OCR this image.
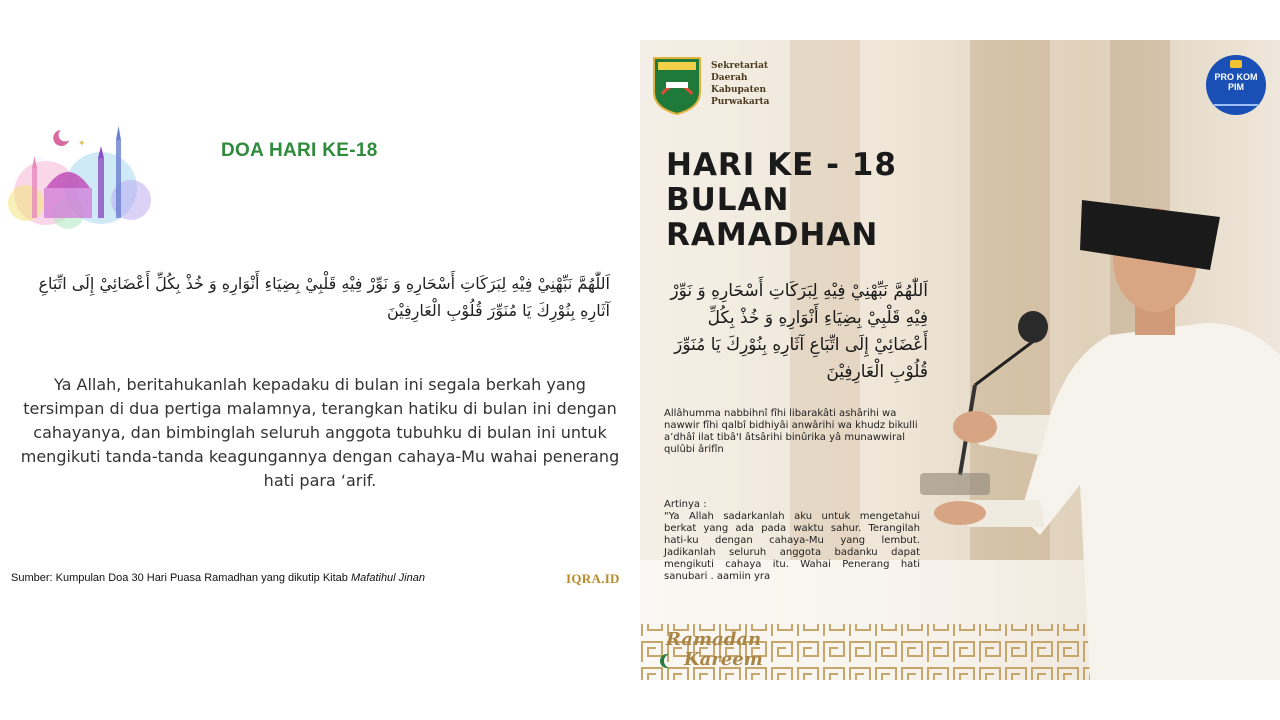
✦	DOA HARI KE-18
اَللّٰهُمَّ نَبِّهْنِيْ فِيْهِ لِبَرَكَاتِ أَسْحَارِهِ وَ نَوِّرْ فِيْهِ قَلْبِيْ بِضِيَاءِ أَنْوَارِهِ وَ خُذْ بِكُلِّ أَعْضَائِيْ إِلَى اتِّبَاعِ آثَارِهِ بِنُوْرِكَ يَا مُنَوِّرَ قُلُوْبِ الْعَارِفِيْنَ
Ya Allah, beritahukanlah kepadaku di bulan ini segala berkah yang tersimpan di dua pertiga malamnya, terangkan hatiku di bulan ini dengan cahayanya, dan bimbinglah seluruh anggota tubuhku di bulan ini untuk mengikuti tanda-tanda keagungannya dengan cahaya-Mu wahai penerang hati para ‘arif.
Sumber: Kumpulan Doa 30 Hari Puasa Ramadhan yang dikutip Kitab Mafatihul Jinan	IQRA.ID
Sekretariat
Daerah
Kabupaten
Purwakarta
PRO KOM PIM
HARI KE - 18
BULAN
RAMADHAN
اَللّٰهُمَّ نَبِّهْنِيْ فِيْهِ لِبَرَكَاتِ أَسْحَارِهِ وَ نَوِّرْ فِيْهِ قَلْبِيْ بِضِيَاءِ أَنْوَارِهِ وَ خُذْ بِكُلِّ أَعْضَائِيْ إِلَى اتِّبَاعِ آثَارِهِ بِنُوْرِكَ يَا مُنَوِّرَ قُلُوْبِ الْعَارِفِيْنَ
Allâhumma nabbihnî fîhi libarakâti ashârihi wa nawwir fîhi qalbî bidhiyâi anwârihi wa khudz bikulli a’dhâî ilat tibâ'I âtsârihi binûrika yâ munawwiral qulûbi ârifîn
Artinya :
"Ya Allah sadarkanlah aku untuk mengetahui berkat yang ada pada waktu sahur. Terangilah hati-ku dengan cahaya-Mu yang lembut. Jadikanlah seluruh anggota badanku dapat mengikuti cahaya itu. Wahai Penerang hati sanubari . aamiin yra
Ramadan
Kareem
